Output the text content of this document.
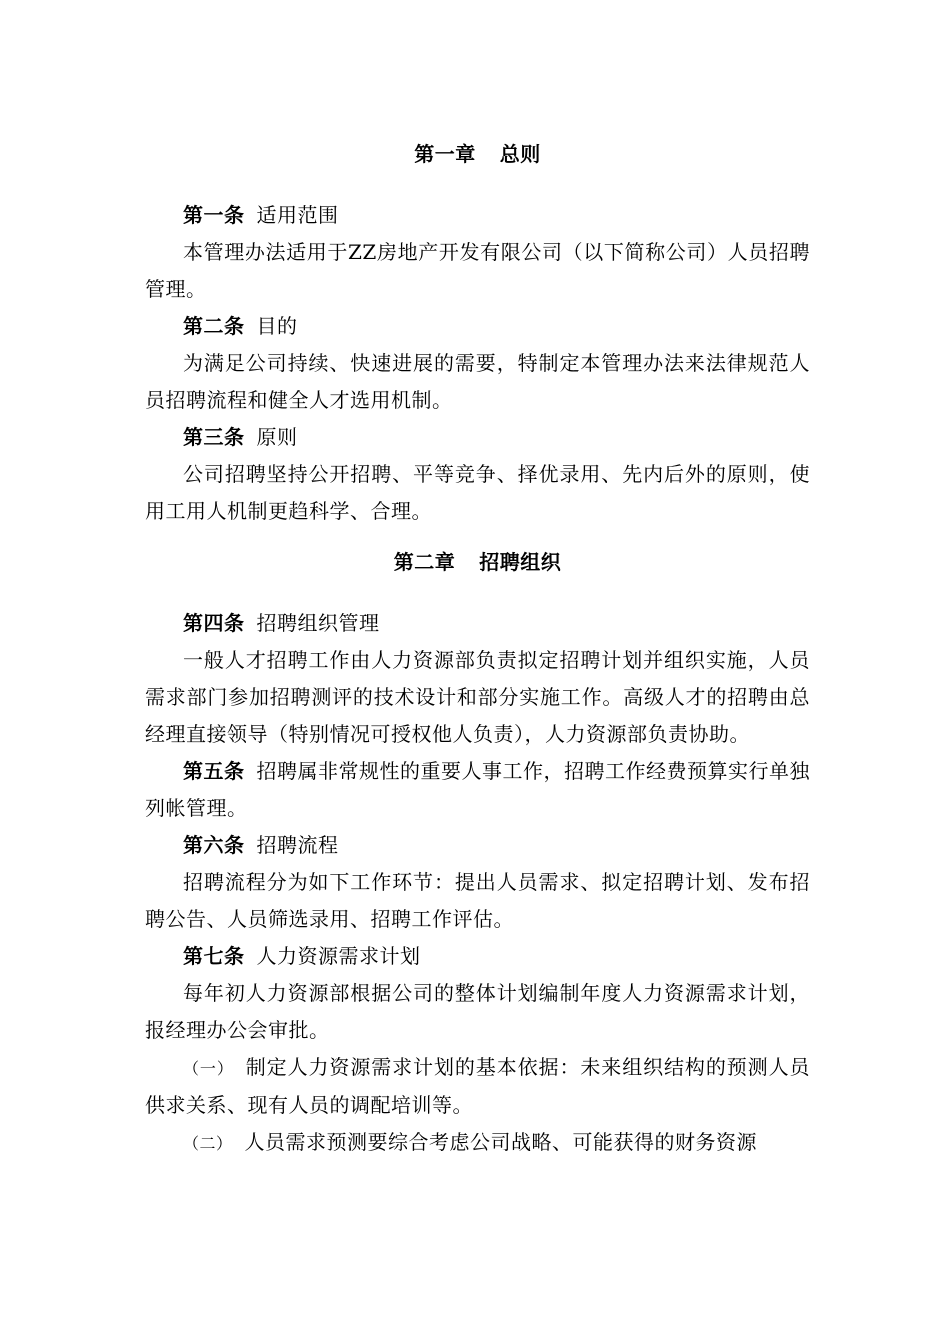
第一章 总则

第一条 适用范围

本管理办法适用于ZZ房地产开发有限公司（以下简称公司）人员招聘管理。

第二条 目的

为满足公司持续、快速进展的需要，特制定本管理办法来法律规范人员招聘流程和健全人才选用机制。

第三条 原则

公司招聘坚持公开招聘、平等竞争、择优录用、先内后外的原则，使用工用人机制更趋科学、合理。

第二章 招聘组织

第四条 招聘组织管理

一般人才招聘工作由人力资源部负责拟定招聘计划并组织实施，人员需求部门参加招聘测评的技术设计和部分实施工作。高级人才的招聘由总经理直接领导（特别情况可授权他人负责），人力资源部负责协助。

第五条 招聘属非常规性的重要人事工作，招聘工作经费预算实行单独列帐管理。

第六条 招聘流程

招聘流程分为如下工作环节：提出人员需求、拟定招聘计划、发布招聘公告、人员筛选录用、招聘工作评估。

第七条 人力资源需求计划

每年初人力资源部根据公司的整体计划编制年度人力资源需求计划，报经理办公会审批。

（一） 制定人力资源需求计划的基本依据：未来组织结构的预测人员供求关系、现有人员的调配培训等。

（二） 人员需求预测要综合考虑公司战略、可能获得的财务资源
